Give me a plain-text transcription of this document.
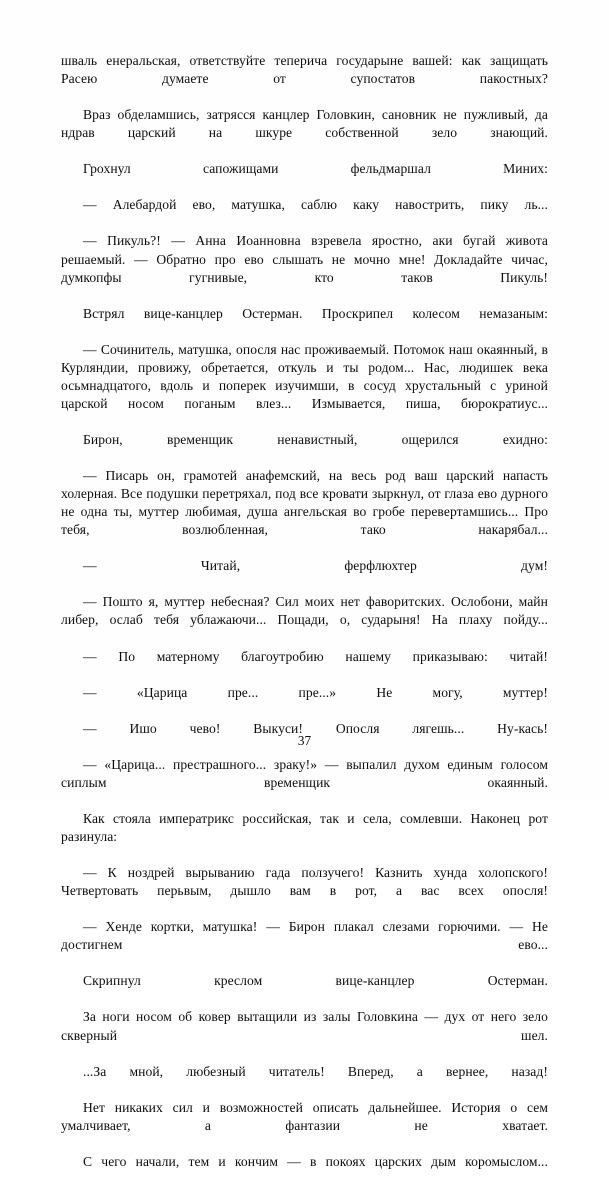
шваль енеральская, ответствуйте теперича государыне вашей: как защищать Расею думаете от супостатов пакостных?

Враз обделамшись, затрясся канцлер Головкин, сановник не пужливый, да ндрав царский на шкуре собственной зело знающий.

Грохнул сапожищами фельдмаршал Миних:

— Алебардой ево, матушка, саблю каку навострить, пику ль...

— Пикуль?! — Анна Иоанновна взревела яростно, аки бугай живота решаемый. — Обратно про ево слышать не мочно мне! Докладайте чичас, думкопфы гугнивые, кто таков Пикуль!

Встрял вице-канцлер Остерман. Проскрипел колесом немазаным:

— Сочинитель, матушка, опосля нас проживаемый. Потомок наш окаянный, в Курляндии, провижу, обретается, откуль и ты родом... Нас, людишек века осьмнадцатого, вдоль и поперек изучимши, в сосуд хрустальный с уриной царской носом поганым влез... Измывается, пиша, бюрократиус...

Бирон, временщик ненавистный, ощерился ехидно:

— Писарь он, грамотей анафемский, на весь род ваш царский напасть холерная. Все подушки перетряхал, под все кровати зыркнул, от глаза ево дурного не одна ты, муттер любимая, душа ангельская во гробе перевертамшись... Про тебя, возлюбленная, тако накарябал...

— Читай, ферфлюхтер дум!

— Пошто я, муттер небесная? Сил моих нет фаворитских. Ослобони, майн либер, ослаб тебя ублажаючи... Пощади, о, сударыня! На плаху пойду...

— По матерному благоутробию нашему приказываю: читай!

— «Царица пре... пре...» Не могу, муттер!

— Ишо чево! Выкуси! Опосля лягешь... Ну-кась!

— «Царица... престрашного... зраку!» — выпалил духом единым голосом сиплым временщик окаянный.

Как стояла императрикс российская, так и села, сомлевши. Наконец рот разинула:

— К ноздрей вырыванию гада ползучего! Казнить хунда холопского! Четвертовать перьвым, дышло вам в рот, а вас всех опосля!

— Хенде кортки, матушка! — Бирон плакал слезами горючими. — Не достигнем ево...

Скрипнул креслом вице-канцлер Остерман.

За ноги носом об ковер вытащили из залы Головкина — дух от него зело скверный шел.

...За мной, любезный читатель! Вперед, а вернее, назад!

Нет никаких сил и возможностей описать дальнейшее. История о сем умалчивает, а фантазии не хватает.

С чего начали, тем и кончим — в покоях царских дым коромыслом...

37
